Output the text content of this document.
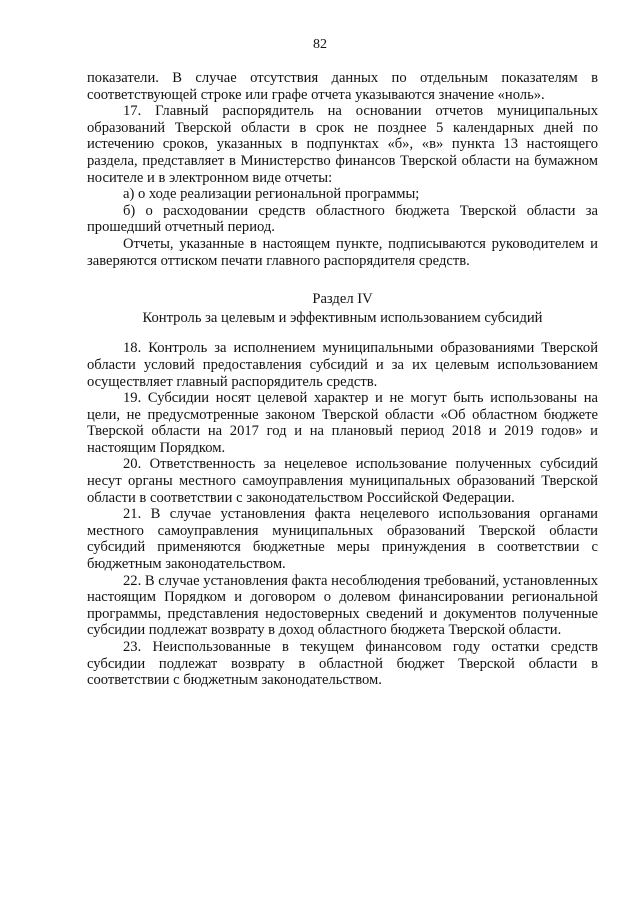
82

показатели. В случае отсутствия данных по отдельным показателям в соответствующей строке или графе отчета указываются значение «ноль».

17. Главный распорядитель на основании отчетов муниципальных образований Тверской области в срок не позднее 5 календарных дней по истечению сроков, указанных в подпунктах «б», «в» пункта 13 настоящего раздела, представляет в Министерство финансов Тверской области на бумажном носителе и в электронном виде отчеты:

а) о ходе реализации региональной программы;

б) о расходовании средств областного бюджета Тверской области за прошедший отчетный период.

Отчеты, указанные в настоящем пункте, подписываются руководителем и заверяются оттиском печати главного распорядителя средств.

Раздел IV

Контроль за целевым и эффективным использованием субсидий

18. Контроль за исполнением муниципальными образованиями Тверской области условий предоставления субсидий и за их целевым использованием осуществляет главный распорядитель средств.

19. Субсидии носят целевой характер и не могут быть использованы на цели, не предусмотренные законом Тверской области «Об областном бюджете Тверской области на 2017 год и на плановый период 2018 и 2019 годов» и настоящим Порядком.

20. Ответственность за нецелевое использование полученных субсидий несут органы местного самоуправления муниципальных образований Тверской области в соответствии с законодательством Российской Федерации.

21. В случае установления факта нецелевого использования органами местного самоуправления муниципальных образований Тверской области субсидий применяются бюджетные меры принуждения в соответствии с бюджетным законодательством.

22. В случае установления факта несоблюдения требований, установленных настоящим Порядком и договором о долевом финансировании региональной программы, представления недостоверных сведений и документов полученные субсидии подлежат возврату в доход областного бюджета Тверской области.

23. Неиспользованные в текущем финансовом году остатки средств субсидии подлежат возврату в областной бюджет Тверской области в соответствии с бюджетным законодательством.
